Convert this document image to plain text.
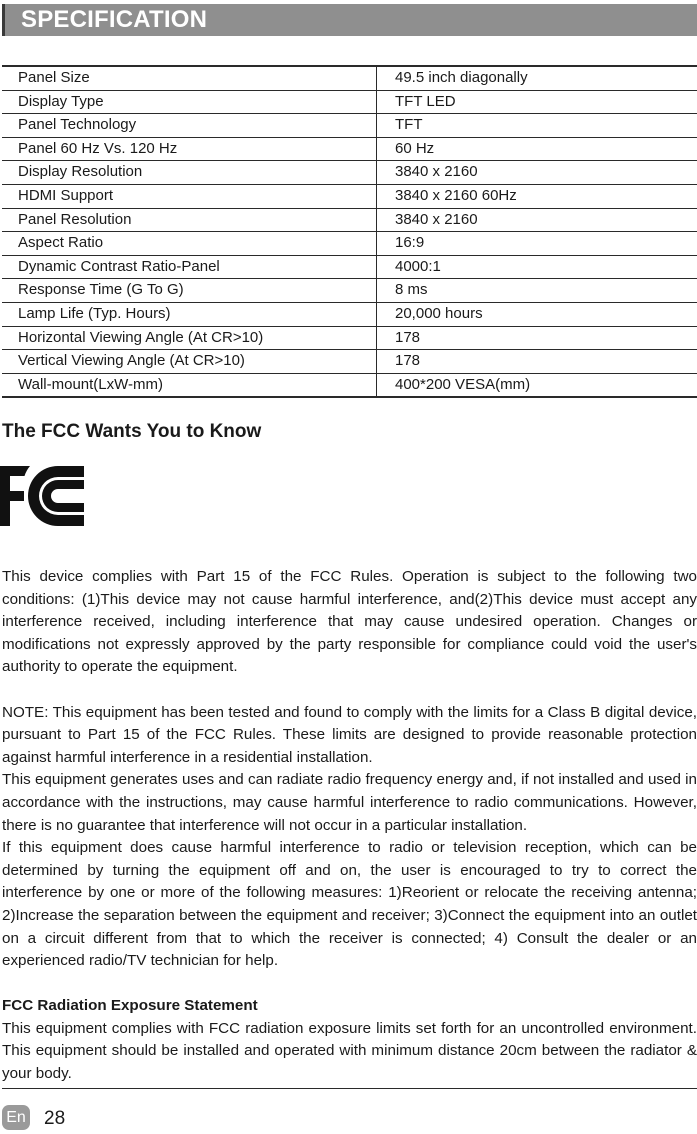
SPECIFICATION
Panel Size	49.5 inch diagonally
Display Type	TFT LED
Panel Technology	TFT
Panel 60 Hz Vs. 120 Hz	60 Hz
Display Resolution	3840 x 2160
HDMI Support	3840 x 2160 60Hz
Panel Resolution	3840 x 2160
Aspect Ratio	16:9
Dynamic Contrast Ratio-Panel	4000:1
Response Time (G To G)	8 ms
Lamp Life (Typ. Hours)	20,000 hours
Horizontal Viewing Angle (At CR>10)	178
Vertical Viewing Angle (At CR>10)	178
Wall-mount(LxW-mm)	400*200 VESA(mm)
The FCC Wants You to Know

This device complies with Part 15 of the FCC Rules. Operation is subject to the following two conditions: (1)This device may not cause harmful interference, and(2)This device must accept any interference received, including interference that may cause undesired operation. Changes or modifications not expressly approved by the party responsible for compliance could void the user's authority to operate the equipment.

NOTE: This equipment has been tested and found to comply with the limits for a Class B digital device, pursuant to Part 15 of the FCC Rules. These limits are designed to provide reasonable protection against harmful interference in a residential installation.

This equipment generates uses and can radiate radio frequency energy and, if not installed and used in accordance with the instructions, may cause harmful interference to radio communications. However, there is no guarantee that interference will not occur in a particular installation.

If this equipment does cause harmful interference to radio or television reception, which can be determined by turning the equipment off and on, the user is encouraged to try to correct the interference by one or more of the following measures: 1)Reorient or relocate the receiving antenna; 2)Increase the separation between the equipment and receiver; 3)Connect the equipment into an outlet on a circuit different from that to which the receiver is connected; 4) Consult the dealer or an experienced radio/TV technician for help.

FCC Radiation Exposure Statement

This equipment complies with FCC radiation exposure limits set forth for an uncontrolled environment. This equipment should be installed and operated with minimum distance 20cm between the radiator & your body.

En 28
